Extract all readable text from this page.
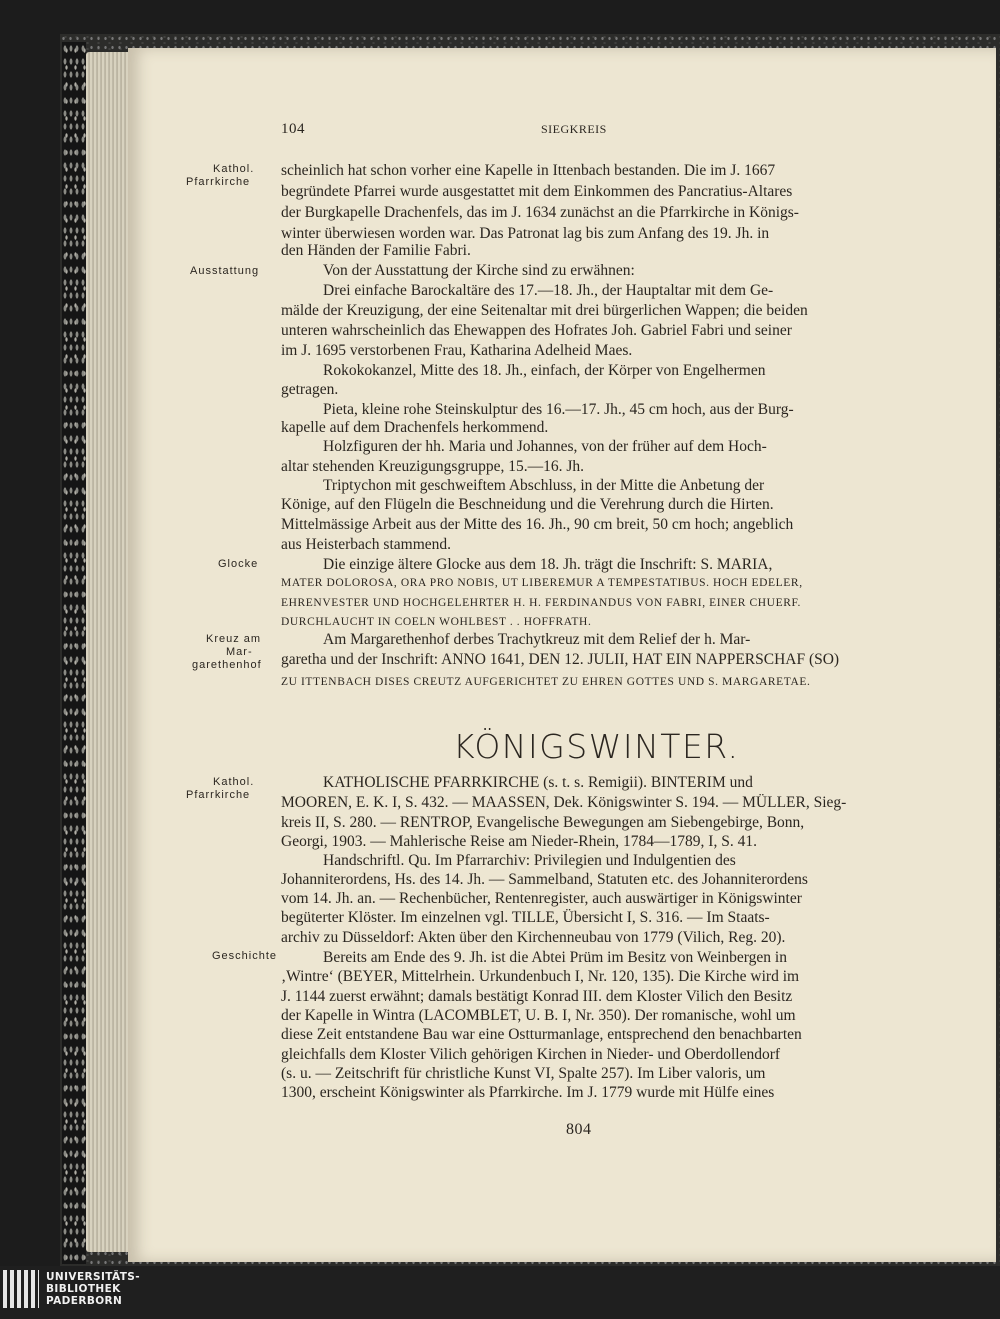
104	SIEGKREIS
Kathol.
Pfarrkirche
Ausstattung
Glocke
Kreuz am
Mar-
garethenhof
scheinlich hat schon vorher eine Kapelle in Ittenbach bestanden. Die im J. 1667
begründete Pfarrei wurde ausgestattet mit dem Einkommen des Pancratius-Altares
der Burgkapelle Drachenfels, das im J. 1634 zunächst an die Pfarrkirche in Königs-
winter überwiesen worden war. Das Patronat lag bis zum Anfang des 19. Jh. in
den Händen der Familie Fabri.
Von der Ausstattung der Kirche sind zu erwähnen:
Drei einfache Barockaltäre des 17.—18. Jh., der Hauptaltar mit dem Ge-
mälde der Kreuzigung, der eine Seitenaltar mit drei bürgerlichen Wappen; die beiden
unteren wahrscheinlich das Ehewappen des Hofrates Joh. Gabriel Fabri und seiner
im J. 1695 verstorbenen Frau, Katharina Adelheid Maes.
Rokokokanzel, Mitte des 18. Jh., einfach, der Körper von Engelhermen
getragen.
Pieta, kleine rohe Steinskulptur des 16.—17. Jh., 45 cm hoch, aus der Burg-
kapelle auf dem Drachenfels herkommend.
Holzfiguren der hh. Maria und Johannes, von der früher auf dem Hoch-
altar stehenden Kreuzigungsgruppe, 15.—16. Jh.
Triptychon mit geschweiftem Abschluss, in der Mitte die Anbetung der
Könige, auf den Flügeln die Beschneidung und die Verehrung durch die Hirten.
Mittelmässige Arbeit aus der Mitte des 16. Jh., 90 cm breit, 50 cm hoch; angeblich
aus Heisterbach stammend.
Die einzige ältere Glocke aus dem 18. Jh. trägt die Inschrift: S. MARIA,
MATER DOLOROSA, ORA PRO NOBIS, UT LIBEREMUR A TEMPESTATIBUS. HOCH EDELER,
EHRENVESTER UND HOCHGELEHRTER H. H. FERDINANDUS VON FABRI, EINER CHUERF.
DURCHLAUCHT IN COELN WOHLBEST . . HOFFRATH.
Am Margarethenhof derbes Trachytkreuz mit dem Relief der h. Mar-
garetha und der Inschrift: ANNO 1641, DEN 12. JULII, HAT EIN NAPPERSCHAF (SO)
ZU ITTENBACH DISES CREUTZ AUFGERICHTET ZU EHREN GOTTES UND S. MARGARETAE.
KÖNIGSWINTER.
Kathol.
Pfarrkirche
Geschichte
KATHOLISCHE PFARRKIRCHE (s. t. s. Remigii). BINTERIM und
MOOREN, E. K. I, S. 432. — MAASSEN, Dek. Königswinter S. 194. — MÜLLER, Sieg-
kreis II, S. 280. — RENTROP, Evangelische Bewegungen am Siebengebirge, Bonn,
Georgi, 1903. — Mahlerische Reise am Nieder-Rhein, 1784—1789, I, S. 41.
Handschriftl. Qu. Im Pfarrarchiv: Privilegien und Indulgentien des
Johanniterordens, Hs. des 14. Jh. — Sammelband, Statuten etc. des Johanniterordens
vom 14. Jh. an. — Rechenbücher, Rentenregister, auch auswärtiger in Königswinter
begüterter Klöster. Im einzelnen vgl. TILLE, Übersicht I, S. 316. — Im Staats-
archiv zu Düsseldorf: Akten über den Kirchenneubau von 1779 (Vilich, Reg. 20).
Bereits am Ende des 9. Jh. ist die Abtei Prüm im Besitz von Weinbergen in
‚Wintre‘ (BEYER, Mittelrhein. Urkundenbuch I, Nr. 120, 135). Die Kirche wird im
J. 1144 zuerst erwähnt; damals bestätigt Konrad III. dem Kloster Vilich den Besitz
der Kapelle in Wintra (LACOMBLET, U. B. I, Nr. 350). Der romanische, wohl um
diese Zeit entstandene Bau war eine Ostturmanlage, entsprechend den benachbarten
gleichfalls dem Kloster Vilich gehörigen Kirchen in Nieder- und Oberdollendorf
(s. u. — Zeitschrift für christliche Kunst VI, Spalte 257). Im Liber valoris, um
1300, erscheint Königswinter als Pfarrkirche. Im J. 1779 wurde mit Hülfe eines
804
UNIVERSITÄTS-
BIBLIOTHEK
PADERBORN
